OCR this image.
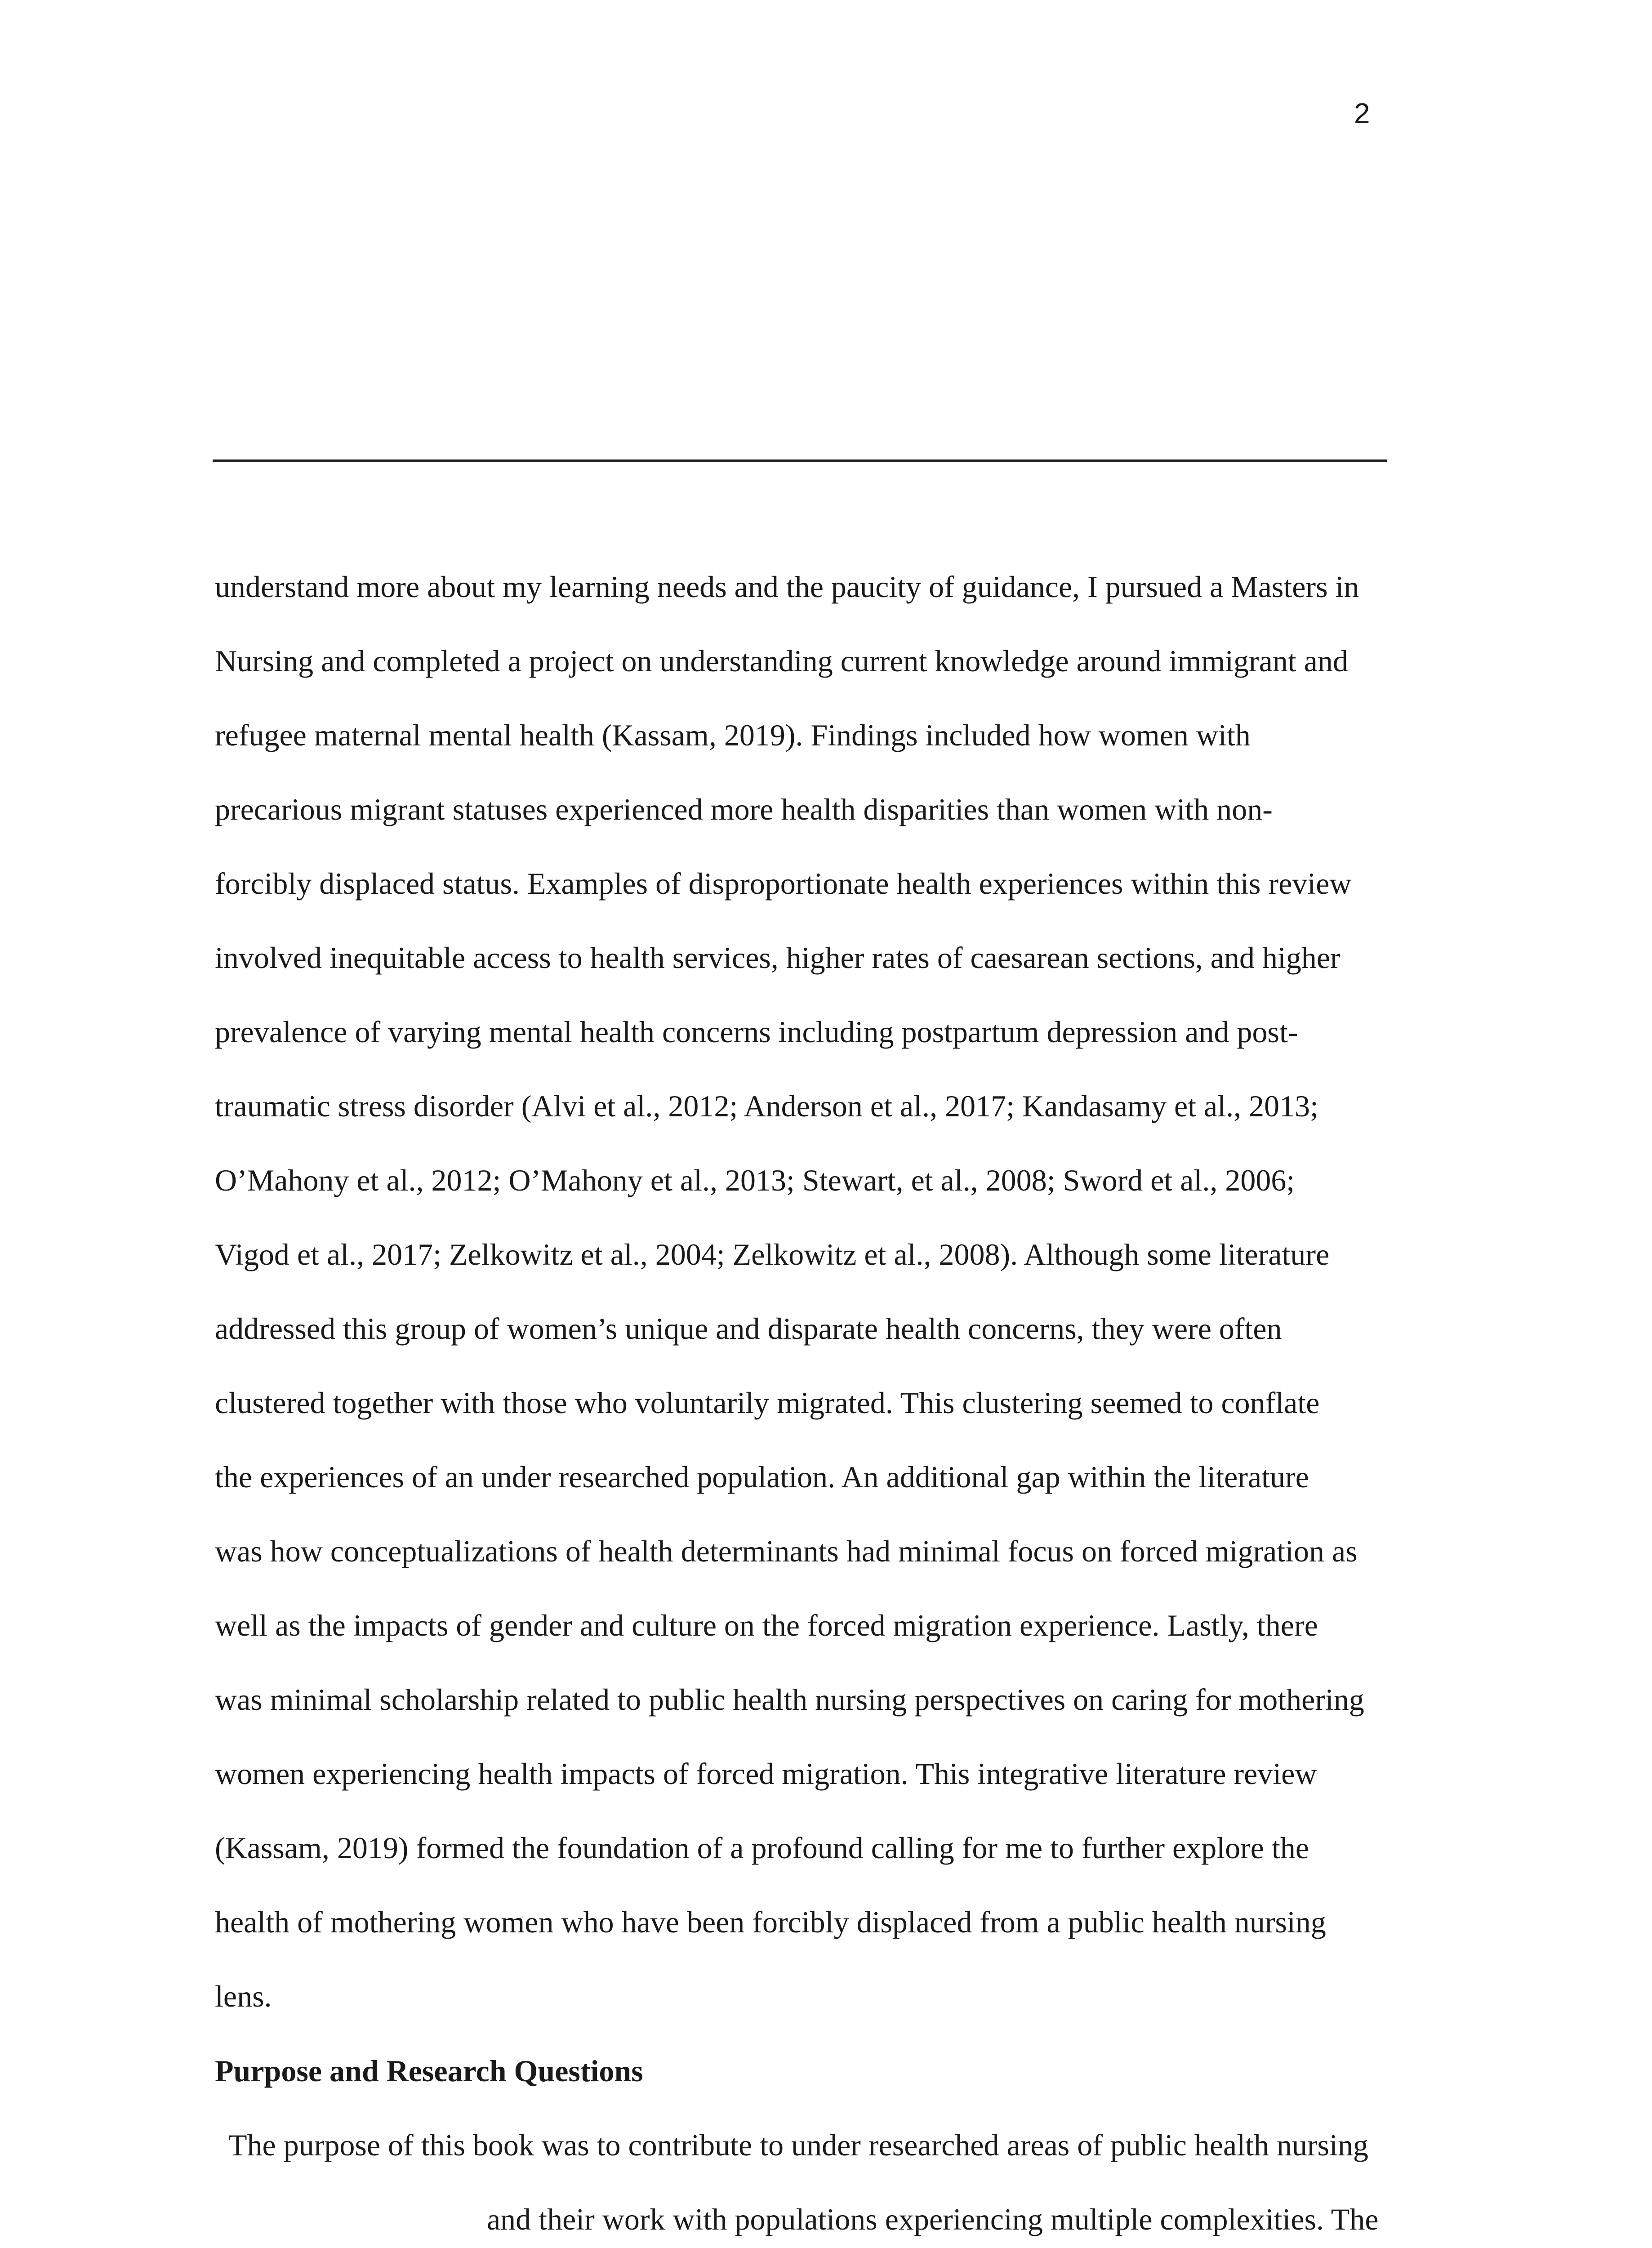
2
understand more about my learning needs and the paucity of guidance, I pursued a Masters in
Nursing and completed a project on understanding current knowledge around immigrant and
refugee maternal mental health (Kassam, 2019). Findings included how women with
precarious migrant statuses experienced more health disparities than women with non-
forcibly displaced status. Examples of disproportionate health experiences within this review
involved inequitable access to health services, higher rates of caesarean sections, and higher
prevalence of varying mental health concerns including postpartum depression and post-
traumatic stress disorder (Alvi et al., 2012; Anderson et al., 2017; Kandasamy et al., 2013;
O’Mahony et al., 2012; O’Mahony et al., 2013; Stewart, et al., 2008; Sword et al., 2006;
Vigod et al., 2017; Zelkowitz et al., 2004; Zelkowitz et al., 2008). Although some literature
addressed this group of women’s unique and disparate health concerns, they were often
clustered together with those who voluntarily migrated. This clustering seemed to conflate
the experiences of an under researched population. An additional gap within the literature
was how conceptualizations of health determinants had minimal focus on forced migration as
well as the impacts of gender and culture on the forced migration experience. Lastly, there
was minimal scholarship related to public health nursing perspectives on caring for mothering
women experiencing health impacts of forced migration. This integrative literature review
(Kassam, 2019) formed the foundation of a profound calling for me to further explore the
health of mothering women who have been forcibly displaced from a public health nursing
lens.
Purpose and Research Questions
The purpose of this book was to contribute to under researched areas of public health nursing
and their work with populations experiencing multiple complexities. The
